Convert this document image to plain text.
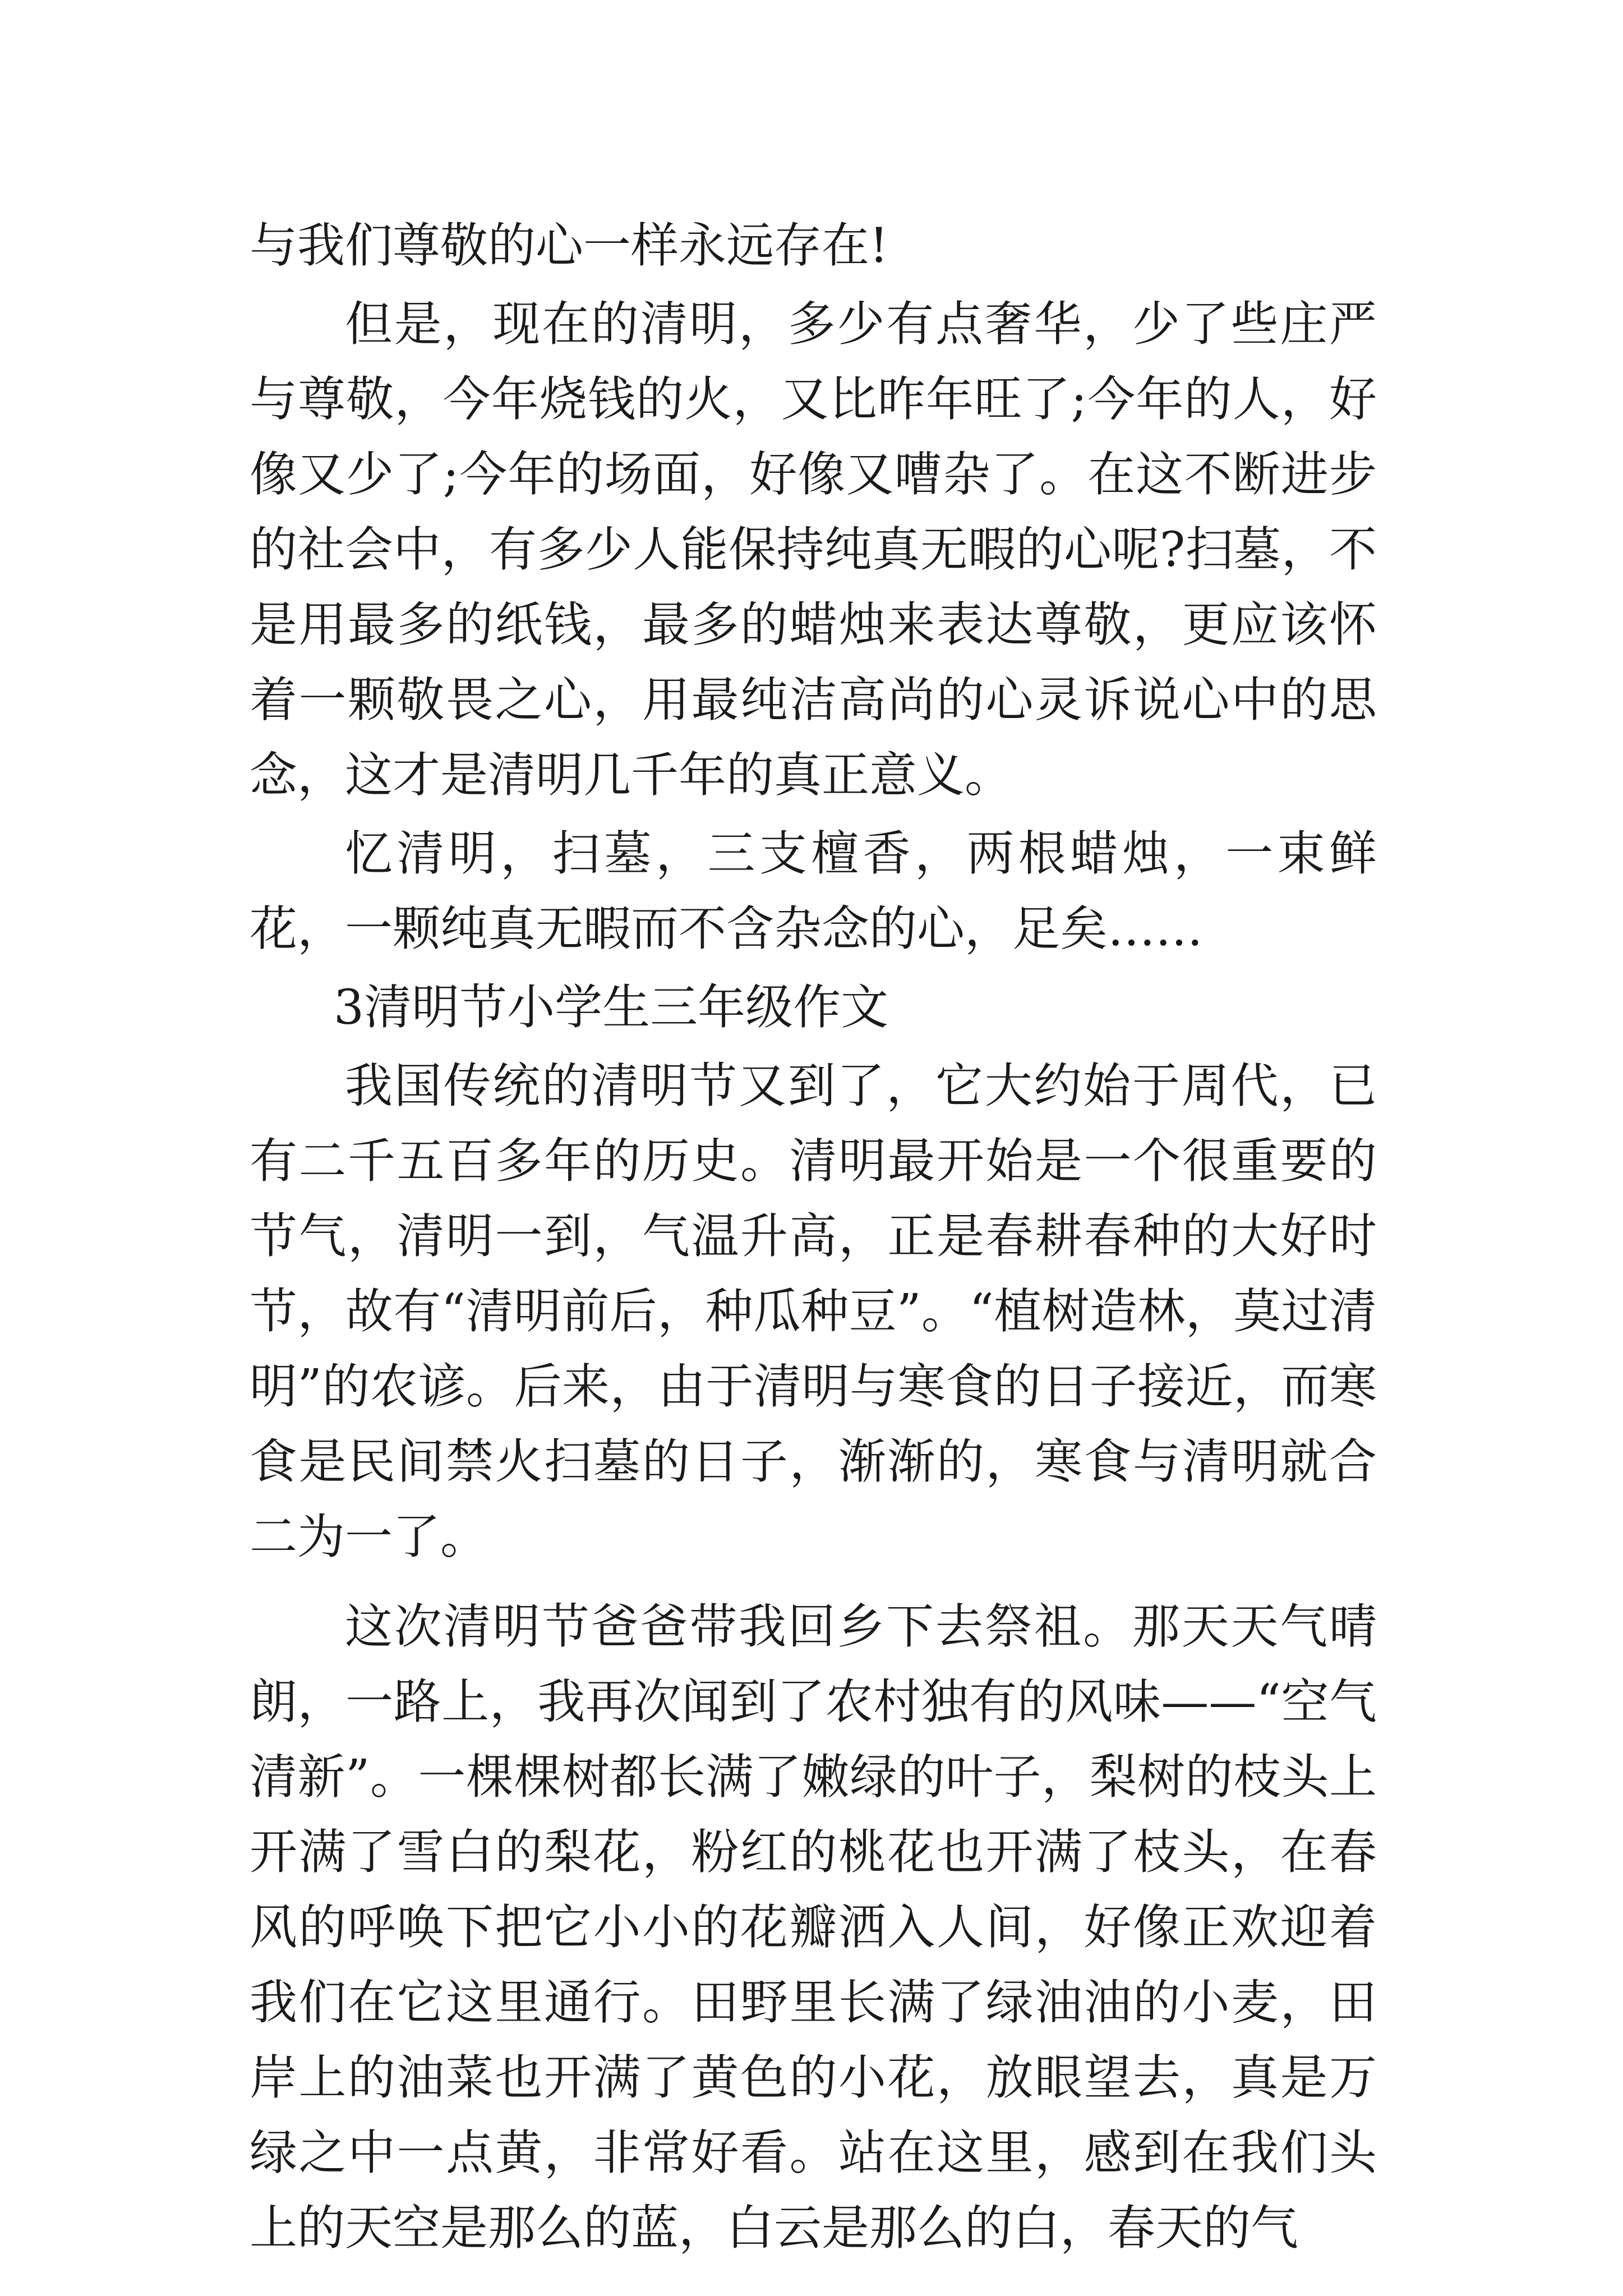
与我们尊敬的心一样永远存在!

但是，现在的清明，多少有点奢华，少了些庄严与尊敬，今年烧钱的火，又比昨年旺了;今年的人，好像又少了;今年的场面，好像又嘈杂了。在这不断进步的社会中，有多少人能保持纯真无暇的心呢?扫墓，不是用最多的纸钱，最多的蜡烛来表达尊敬，更应该怀着一颗敬畏之心，用最纯洁高尚的心灵诉说心中的思念，这才是清明几千年的真正意义。

忆清明，扫墓，三支檀香，两根蜡烛，一束鲜花，一颗纯真无暇而不含杂念的心，足矣……

3清明节小学生三年级作文

我国传统的清明节又到了，它大约始于周代，已有二千五百多年的历史。清明最开始是一个很重要的节气，清明一到，气温升高，正是春耕春种的大好时节，故有“清明前后，种瓜种豆”。“植树造林，莫过清明”的农谚。后来，由于清明与寒食的日子接近，而寒食是民间禁火扫墓的日子，渐渐的，寒食与清明就合二为一了。

这次清明节爸爸带我回乡下去祭祖。那天天气晴朗，一路上，我再次闻到了农村独有的风味——“空气清新”。一棵棵树都长满了嫩绿的叶子，梨树的枝头上开满了雪白的梨花，粉红的桃花也开满了枝头，在春风的呼唤下把它小小的花瓣洒入人间，好像正欢迎着我们在它这里通行。田野里长满了绿油油的小麦，田岸上的油菜也开满了黄色的小花，放眼望去，真是万绿之中一点黄，非常好看。站在这里，感到在我们头上的天空是那么的蓝，白云是那么的白，春天的气
